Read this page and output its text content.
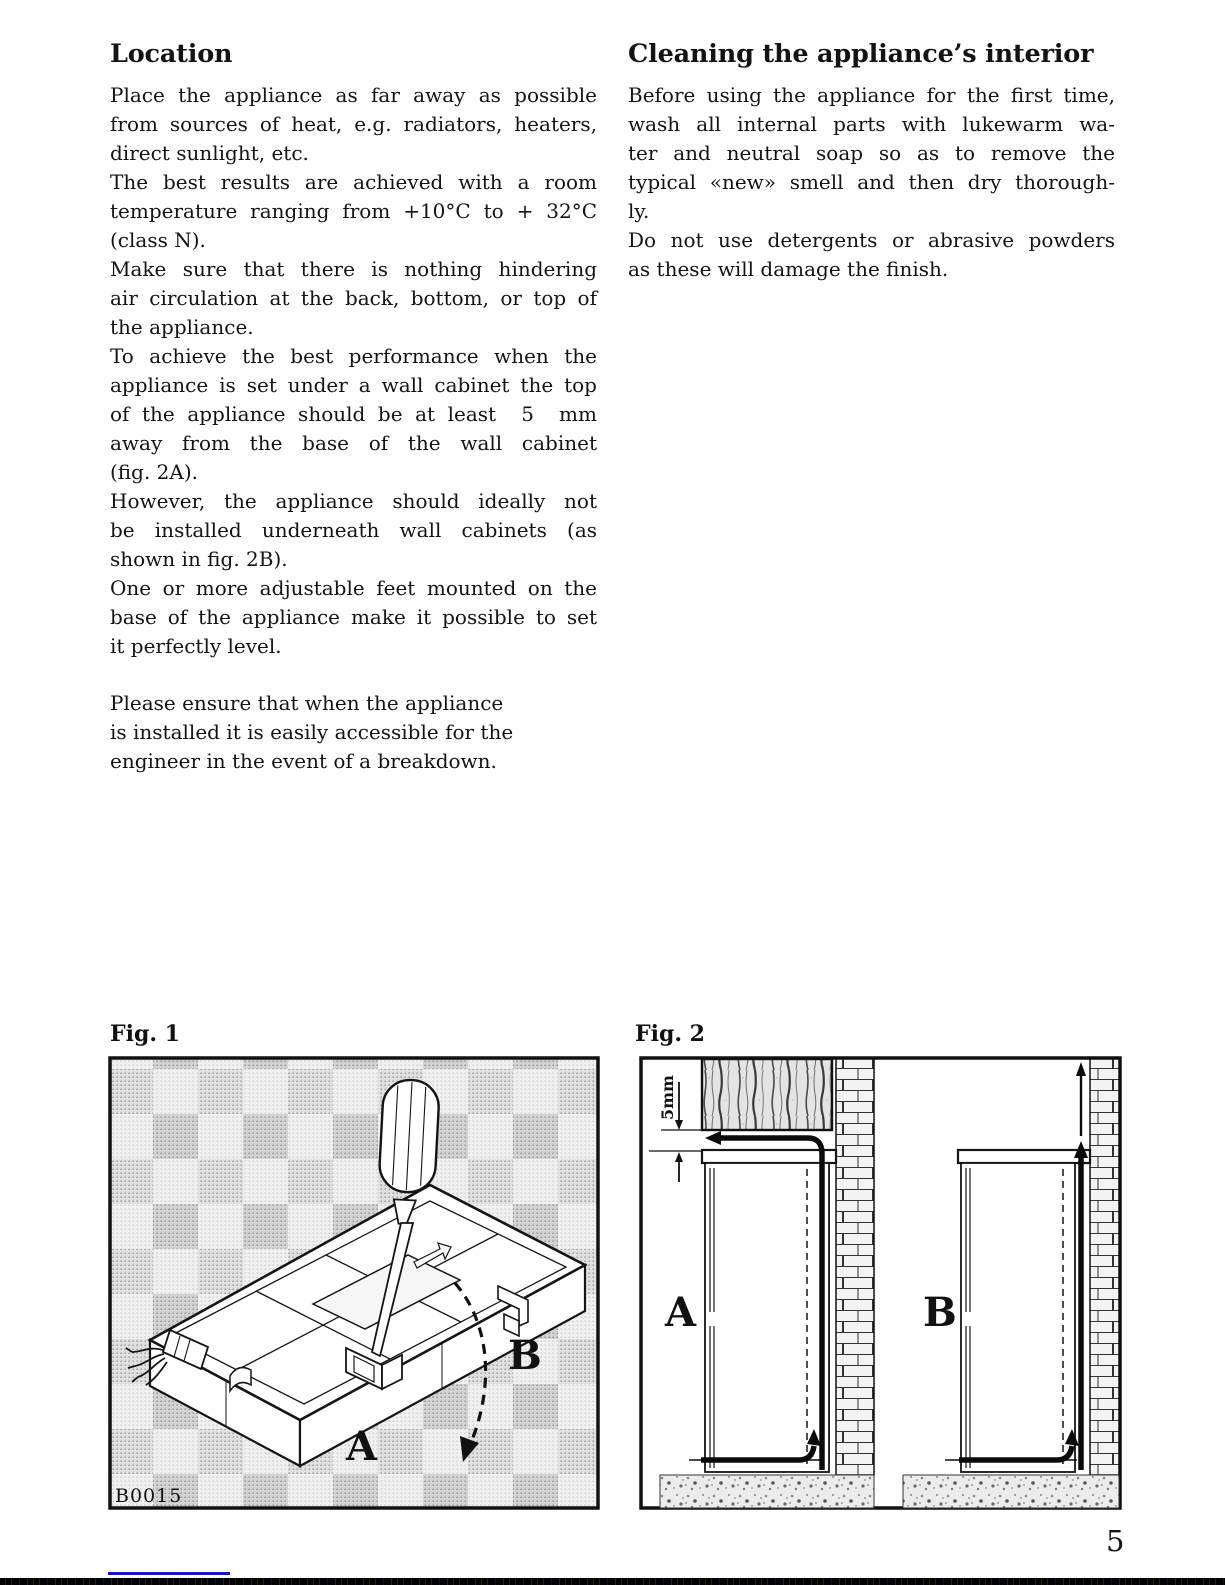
Location
Place the appliance as far away as possible
from sources of heat, e.g. radiators, heaters,
direct sunlight, etc.
The best results are achieved with a room
temperature ranging from +10°C to + 32°C
(class N).
Make sure that there is nothing hindering
air circulation at the back, bottom, or top of
the appliance.
To achieve the best performance when the
appliance is set under a wall cabinet the top
of the appliance should be at least  5  mm
away from the base of the wall cabinet
(fig. 2A).
However, the appliance should ideally not
be installed underneath wall cabinets (as
shown in fig. 2B).
One or more adjustable feet mounted on the
base of the appliance make it possible to set
it perfectly level.
Please ensure that when the appliance
is installed it is easily accessible for the
engineer in the event of a breakdown.
Cleaning the appliance’s interior
Before using the appliance for the first time,
wash all internal parts with lukewarm wa-
ter and neutral soap so as to remove the
typical «new» smell and then dry thorough-
ly.
Do not use detergents or abrasive powders
as these will damage the finish.
Fig. 1
A
B
B0015
Fig. 2
5mm
A	B
5
